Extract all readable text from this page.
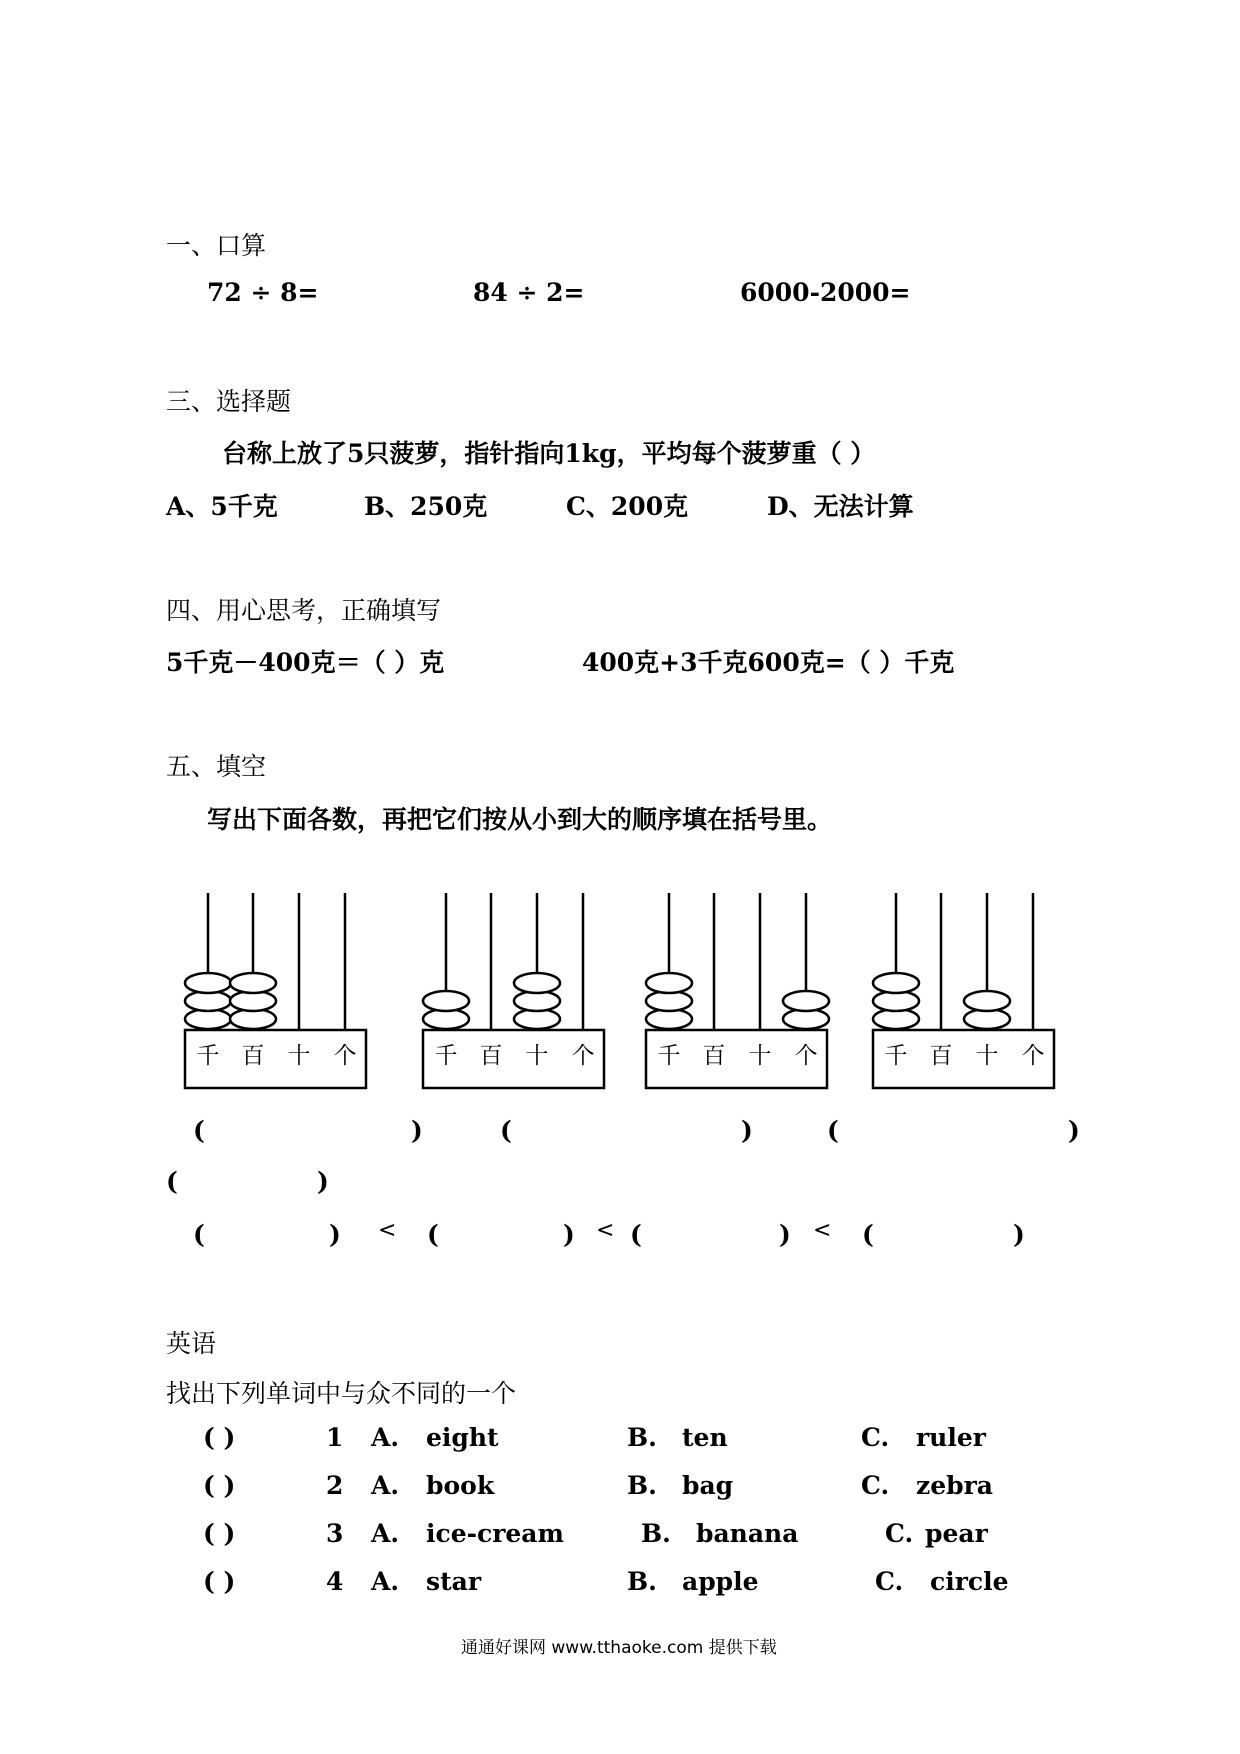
一、口算
72 ÷ 8=	84 ÷ 2=	6000-2000=
三、选择题
台称上放了5只菠萝，指针指向1kg，平均每个菠萝重（ ）
A、5千克	B、250克	C、200克	D、无法计算
四、用心思考，正确填写
5千克－400克＝（ ）克	400克+3千克600克=（ ）千克
五、填空
写出下面各数，再把它们按从小到大的顺序填在括号里。
千 百 十 个	千 百 十 个	千 百 十 个	千 百 十 个
(	)	(	)	(	)
(	)
(	) < (	) < (	) < (	)
英语
找出下列单词中与众不同的一个
( )	1 A. eight	B. ten	C. ruler
( )	2 A. book	B. bag	C. zebra
( )	3 A. ice-cream	B. banana	C. pear
( )	4 A. star	B. apple	C. circle
通通好课网 www.tthaoke.com 提供下载
